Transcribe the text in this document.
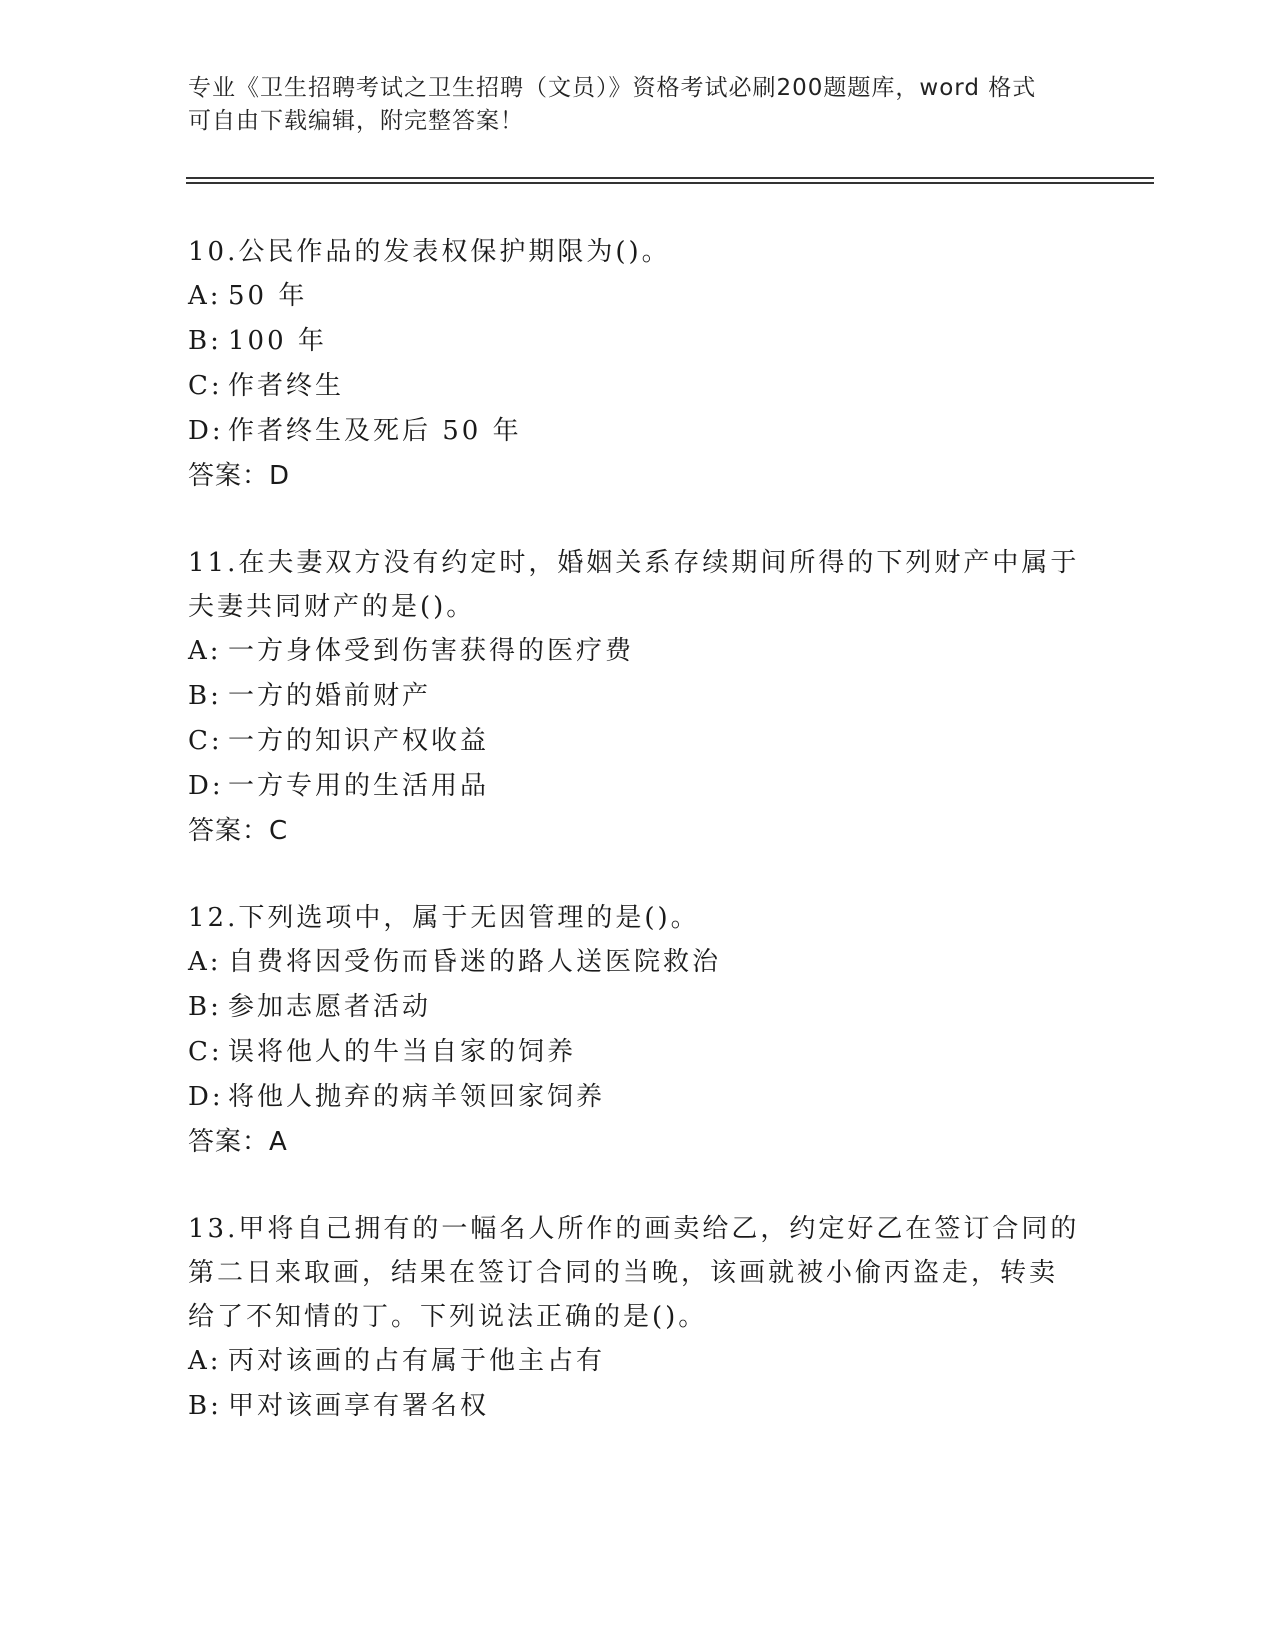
专业《卫生招聘考试之卫生招聘（文员）》资格考试必刷200题题库，word 格式
可自由下载编辑，附完整答案！
10.公民作品的发表权保护期限为()。
A: 50 年
B: 100 年
C: 作者终生
D: 作者终生及死后 50 年
答案：D
11.在夫妻双方没有约定时，婚姻关系存续期间所得的下列财产中属于
夫妻共同财产的是()。
A: 一方身体受到伤害获得的医疗费
B: 一方的婚前财产
C: 一方的知识产权收益
D: 一方专用的生活用品
答案：C
12.下列选项中，属于无因管理的是()。
A: 自费将因受伤而昏迷的路人送医院救治
B: 参加志愿者活动
C: 误将他人的牛当自家的饲养
D: 将他人抛弃的病羊领回家饲养
答案：A
13.甲将自己拥有的一幅名人所作的画卖给乙，约定好乙在签订合同的
第二日来取画，结果在签订合同的当晚，该画就被小偷丙盗走，转卖
给了不知情的丁。下列说法正确的是()。
A: 丙对该画的占有属于他主占有
B: 甲对该画享有署名权
